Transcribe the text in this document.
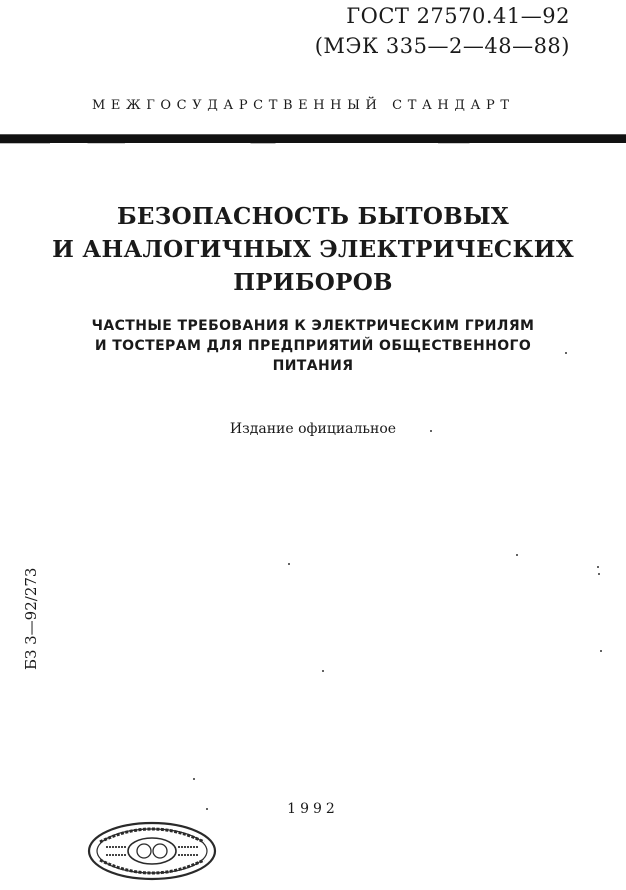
ГОСТ 27570.41—92
(МЭК 335—2—48—88)
МЕЖГОСУДАРСТВЕННЫЙ СТАНДАРТ
БЕЗОПАСНОСТЬ БЫТОВЫХ
И АНАЛОГИЧНЫХ ЭЛЕКТРИЧЕСКИХ
ПРИБОРОВ
ЧАСТНЫЕ ТРЕБОВАНИЯ К ЭЛЕКТРИЧЕСКИМ ГРИЛЯМ
И ТОСТЕРАМ ДЛЯ ПРЕДПРИЯТИЙ ОБЩЕСТВЕННОГО
ПИТАНИЯ
Издание официальное
БЗ 3—92/273
1992
